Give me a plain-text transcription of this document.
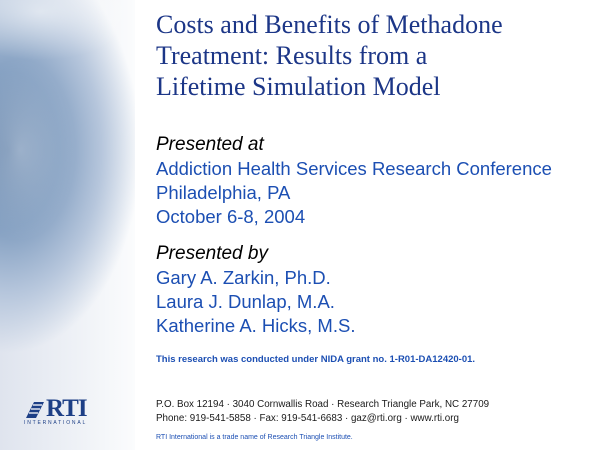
RTI
INTERNATIONAL
Costs and Benefits of Methadone
Treatment: Results from a
Lifetime Simulation Model

Presented at

Addiction Health Services Research Conference
Philadelphia, PA
October 6-8, 2004

Presented by

Gary A. Zarkin, Ph.D.
Laura J. Dunlap, M.A.
Katherine A. Hicks, M.S.
This research was conducted under NIDA grant no. 1-R01-DA12420-01.
P.O. Box 12194 · 3040 Cornwallis Road · Research Triangle Park, NC 27709
Phone: 919-541-5858 · Fax: 919-541-6683 · gaz@rti.org · www.rti.org
RTI International is a trade name of Research Triangle Institute.
